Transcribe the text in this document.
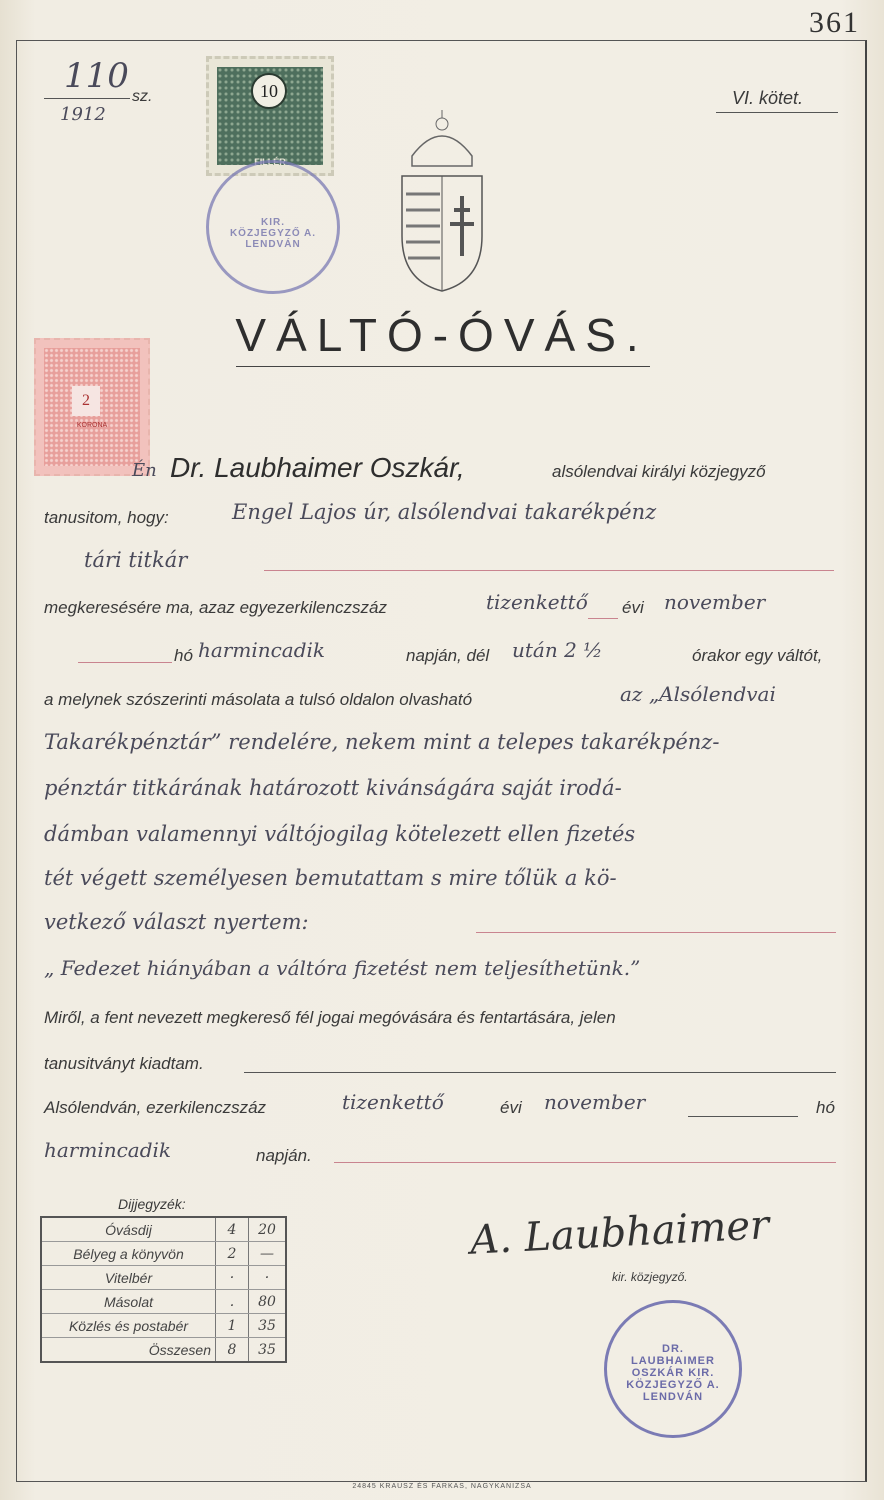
361
110
sz.
1912
VI. kötet.
10
FILLÉR
KIR. KÖZJEGYZŐ A. LENDVÁN
VÁLTÓ-ÓVÁS.
2
KORONA
Én Dr. Laubhaimer Oszkár,	alsólendvai királyi közjegyző
tanusitom, hogy:	Engel Lajos úr, alsólendvai takarékpénz
tári titkár
megkeresésére ma, azaz egyezerkilenczszáz	tizenkettő évi november
hó harmincadik	napján, dél után 2 ½	órakor egy váltót,
a melynek szószerinti másolata a tulsó oldalon olvasható	az „Alsólendvai
Takarékpénztár” rendelére, nekem mint a telepes takarékpénz-
pénztár titkárának határozott kivánságára saját irodá-
dámban valamennyi váltójogilag kötelezett ellen fizetés
tét végett személyesen bemutattam s mire tőlük a kö-
vetkező választ nyertem:
„ Fedezet hiányában a váltóra fizetést nem teljesíthetünk.”
Miről, a fent nevezett megkereső fél jogai megóvására és fentartására, jelen
tanusitványt kiadtam.
Alsólendván, ezerkilenczszáz	tizenkettő	évi november	hó
harmincadik	napján.
Dijjegyzék:
Óvásdij	4	20
Bélyeg a könyvön	2	—
Vitelbér	·	·
Másolat	.	80
Közlés és postabér	1	35
Összesen	8	35
A. Laubhaimer
kir. közjegyző.
DR. LAUBHAIMER OSZKÁR KIR. KÖZJEGYZŐ A. LENDVÁN
24845 KRAUSZ ÉS FARKAS, NAGYKANIZSA
